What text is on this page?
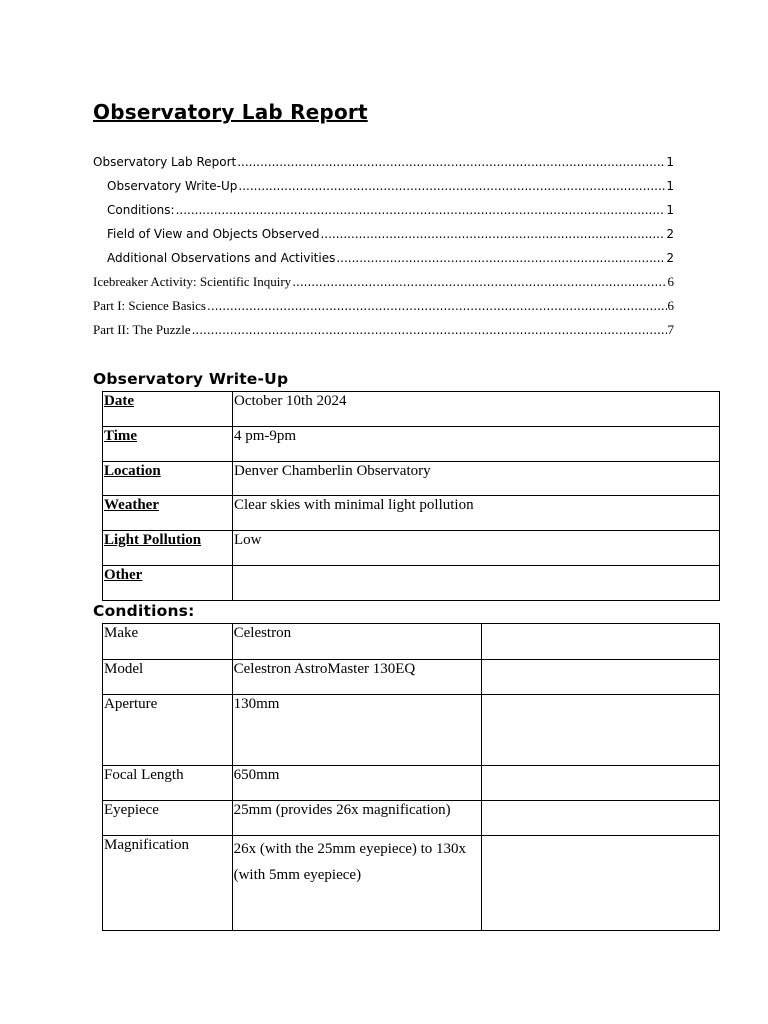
Observatory Lab Report
Observatory Lab Report .....	1
Observatory Write-Up .....	1
Conditions: .....	1
Field of View and Objects Observed .....	2
Additional Observations and Activities .....	2
Icebreaker Activity: Scientific Inquiry .....	6
Part I: Science Basics .....	6
Part II: The Puzzle .....	7
Observatory Write-Up
Date	October 10th 2024
Time	4 pm-9pm
Location	Denver Chamberlin Observatory
Weather	Clear skies with minimal light pollution
Light Pollution	Low
Other	
Conditions:
Make	Celestron	
Model	Celestron AstroMaster 130EQ	
Aperture	130mm	
Focal Length	650mm	
Eyepiece	25mm (provides 26x magnification)	
Magnification	26x (with the 25mm eyepiece) to 130x (with 5mm eyepiece)	
